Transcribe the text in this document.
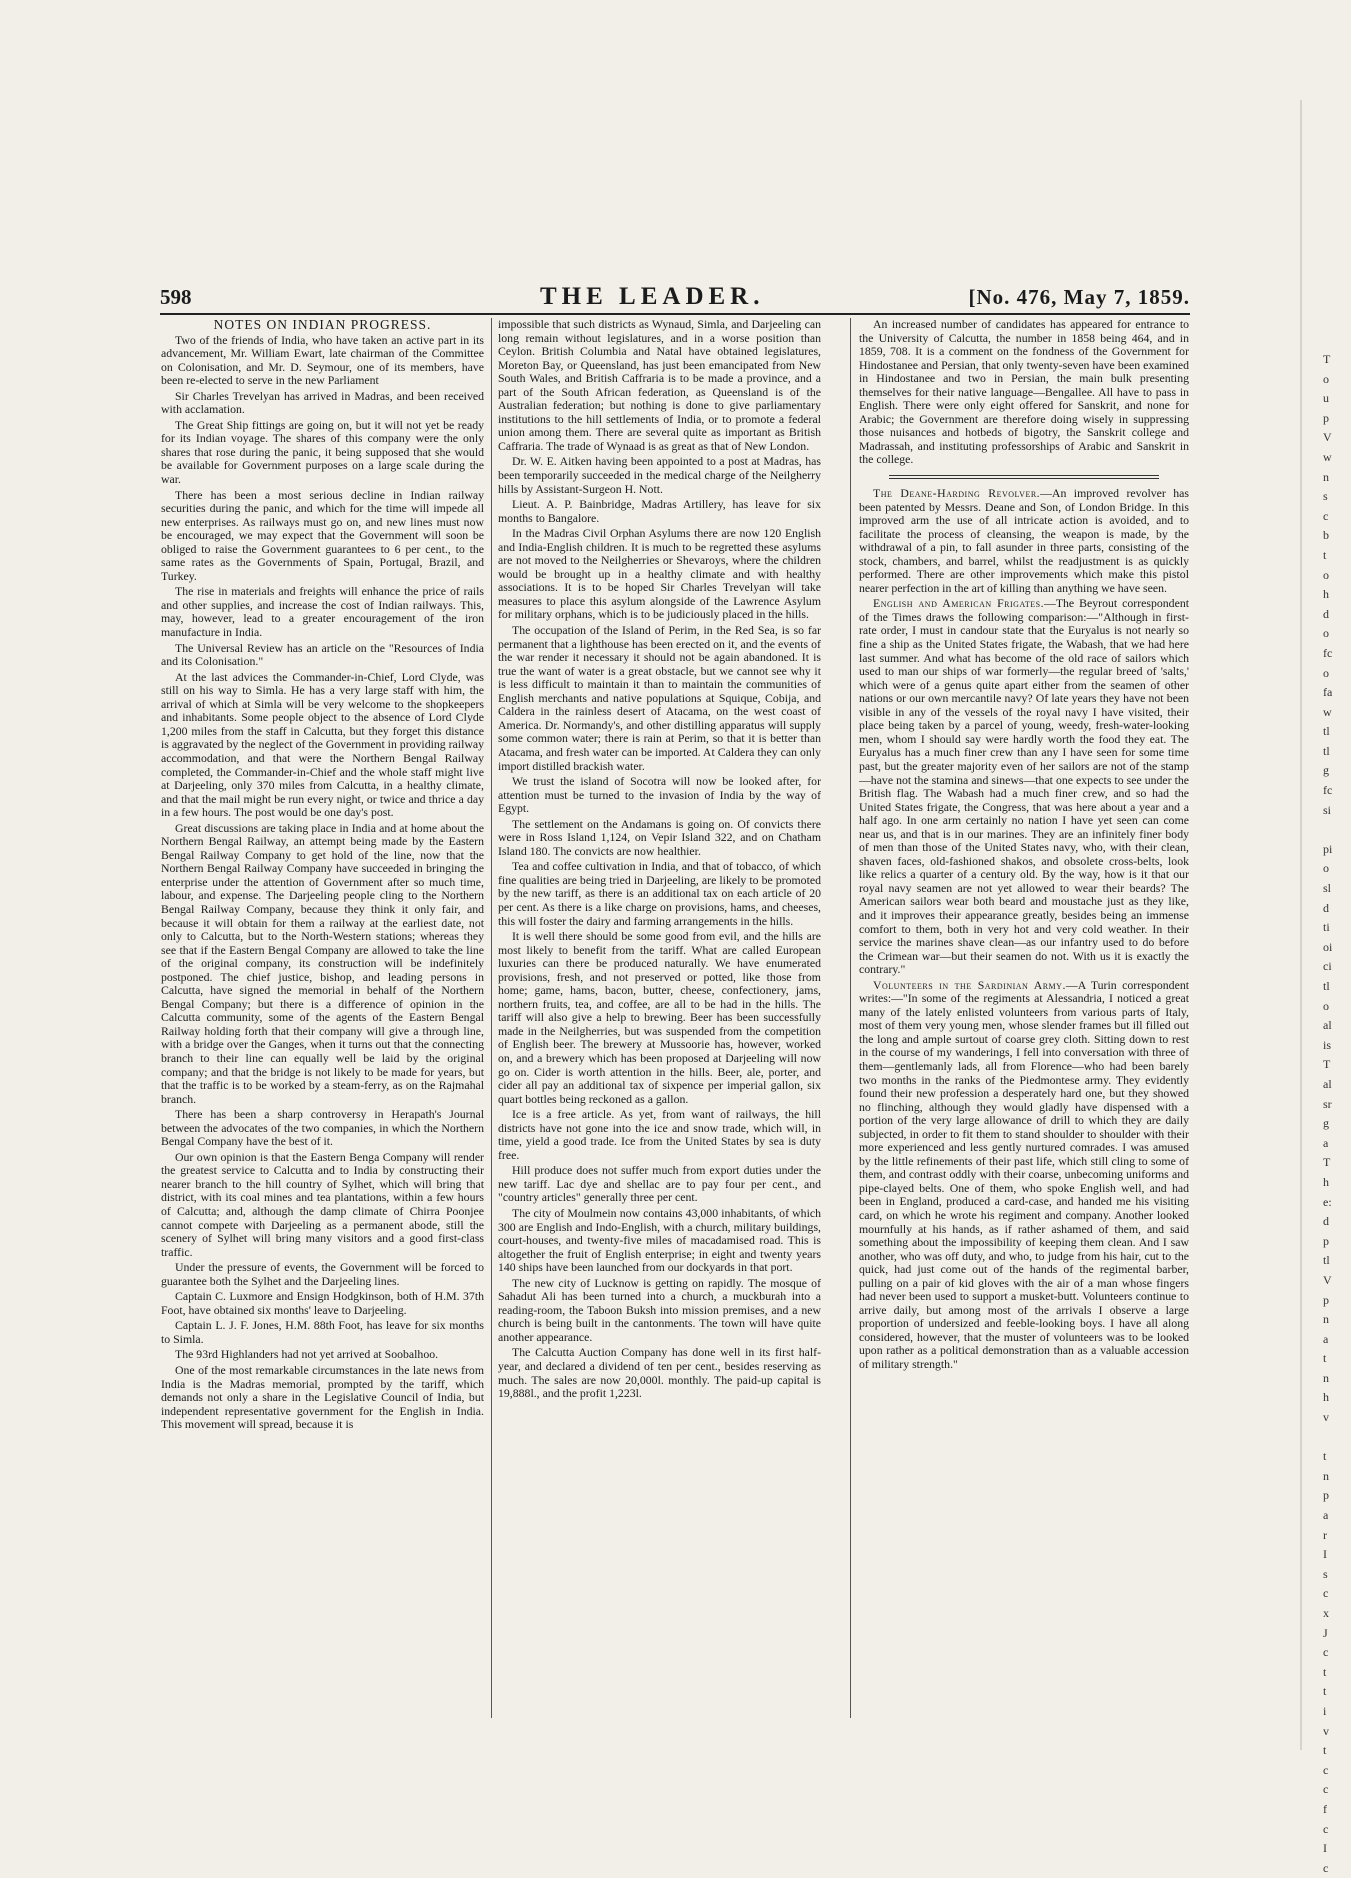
598	THE LEADER.	[No. 476, May 7, 1859.
NOTES ON INDIAN PROGRESS.

Two of the friends of India, who have taken an active part in its advancement, Mr. William Ewart, late chairman of the Committee on Colonisation, and Mr. D. Seymour, one of its members, have been re-elected to serve in the new Parliament

Sir Charles Trevelyan has arrived in Madras, and been received with acclamation.

The Great Ship fittings are going on, but it will not yet be ready for its Indian voyage. The shares of this company were the only shares that rose during the panic, it being supposed that she would be available for Government purposes on a large scale during the war.

There has been a most serious decline in Indian railway securities during the panic, and which for the time will impede all new enterprises. As railways must go on, and new lines must now be encouraged, we may expect that the Government will soon be obliged to raise the Government guarantees to 6 per cent., to the same rates as the Governments of Spain, Portugal, Brazil, and Turkey.

The rise in materials and freights will enhance the price of rails and other supplies, and increase the cost of Indian railways. This, may, however, lead to a greater encouragement of the iron manufacture in India.

The Universal Review has an article on the "Resources of India and its Colonisation."

At the last advices the Commander-in-Chief, Lord Clyde, was still on his way to Simla. He has a very large staff with him, the arrival of which at Simla will be very welcome to the shopkeepers and inhabitants. Some people object to the absence of Lord Clyde 1,200 miles from the staff in Calcutta, but they forget this distance is aggravated by the neglect of the Government in providing railway accommodation, and that were the Northern Bengal Railway completed, the Commander-in-Chief and the whole staff might live at Darjeeling, only 370 miles from Calcutta, in a healthy climate, and that the mail might be run every night, or twice and thrice a day in a few hours. The post would be one day's post.

Great discussions are taking place in India and at home about the Northern Bengal Railway, an attempt being made by the Eastern Bengal Railway Company to get hold of the line, now that the Northern Bengal Railway Company have succeeded in bringing the enterprise under the attention of Government after so much time, labour, and expense. The Darjeeling people cling to the Northern Bengal Railway Company, because they think it only fair, and because it will obtain for them a railway at the earliest date, not only to Calcutta, but to the North-Western stations; whereas they see that if the Eastern Bengal Company are allowed to take the line of the original company, its construction will be indefinitely postponed. The chief justice, bishop, and leading persons in Calcutta, have signed the memorial in behalf of the Northern Bengal Company; but there is a difference of opinion in the Calcutta community, some of the agents of the Eastern Bengal Railway holding forth that their company will give a through line, with a bridge over the Ganges, when it turns out that the connecting branch to their line can equally well be laid by the original company; and that the bridge is not likely to be made for years, but that the traffic is to be worked by a steam-ferry, as on the Rajmahal branch.

There has been a sharp controversy in Herapath's Journal between the advocates of the two companies, in which the Northern Bengal Company have the best of it.

Our own opinion is that the Eastern Benga Company will render the greatest service to Calcutta and to India by constructing their nearer branch to the hill country of Sylhet, which will bring that district, with its coal mines and tea plantations, within a few hours of Calcutta; and, although the damp climate of Chirra Poonjee cannot compete with Darjeeling as a permanent abode, still the scenery of Sylhet will bring many visitors and a good first-class traffic.

Under the pressure of events, the Government will be forced to guarantee both the Sylhet and the Darjeeling lines.

Captain C. Luxmore and Ensign Hodgkinson, both of H.M. 37th Foot, have obtained six months' leave to Darjeeling.

Captain L. J. F. Jones, H.M. 88th Foot, has leave for six months to Simla.

The 93rd Highlanders had not yet arrived at Soobalhoo.

One of the most remarkable circumstances in the late news from India is the Madras memorial, prompted by the tariff, which demands not only a share in the Legislative Council of India, but independent representative government for the English in India. This movement will spread, because it is

impossible that such districts as Wynaud, Simla, and Darjeeling can long remain without legislatures, and in a worse position than Ceylon. British Columbia and Natal have obtained legislatures, Moreton Bay, or Queensland, has just been emancipated from New South Wales, and British Caffraria is to be made a province, and a part of the South African federation, as Queensland is of the Australian federation; but nothing is done to give parliamentary institutions to the hill settlements of India, or to promote a federal union among them. There are several quite as important as British Caffraria. The trade of Wynaad is as great as that of New London.

Dr. W. E. Aitken having been appointed to a post at Madras, has been temporarily succeeded in the medical charge of the Neilgherry hills by Assistant-Surgeon H. Nott.

Lieut. A. P. Bainbridge, Madras Artillery, has leave for six months to Bangalore.

In the Madras Civil Orphan Asylums there are now 120 English and India-English children. It is much to be regretted these asylums are not moved to the Neilgherries or Shevaroys, where the children would be brought up in a healthy climate and with healthy associations. It is to be hoped Sir Charles Trevelyan will take measures to place this asylum alongside of the Lawrence Asylum for military orphans, which is to be judiciously placed in the hills.

The occupation of the Island of Perim, in the Red Sea, is so far permanent that a lighthouse has been erected on it, and the events of the war render it necessary it should not be again abandoned. It is true the want of water is a great obstacle, but we cannot see why it is less difficult to maintain it than to maintain the communities of English merchants and native populations at Squique, Cobija, and Caldera in the rainless desert of Atacama, on the west coast of America. Dr. Normandy's, and other distilling apparatus will supply some common water; there is rain at Perim, so that it is better than Atacama, and fresh water can be imported. At Caldera they can only import distilled brackish water.

We trust the island of Socotra will now be looked after, for attention must be turned to the invasion of India by the way of Egypt.

The settlement on the Andamans is going on. Of convicts there were in Ross Island 1,124, on Vepir Island 322, and on Chatham Island 180. The convicts are now healthier.

Tea and coffee cultivation in India, and that of tobacco, of which fine qualities are being tried in Darjeeling, are likely to be promoted by the new tariff, as there is an additional tax on each article of 20 per cent. As there is a like charge on provisions, hams, and cheeses, this will foster the dairy and farming arrangements in the hills.

It is well there should be some good from evil, and the hills are most likely to benefit from the tariff. What are called European luxuries can there be produced naturally. We have enumerated provisions, fresh, and not preserved or potted, like those from home; game, hams, bacon, butter, cheese, confectionery, jams, northern fruits, tea, and coffee, are all to be had in the hills. The tariff will also give a help to brewing. Beer has been successfully made in the Neilgherries, but was suspended from the competition of English beer. The brewery at Mussoorie has, however, worked on, and a brewery which has been proposed at Darjeeling will now go on. Cider is worth attention in the hills. Beer, ale, porter, and cider all pay an additional tax of sixpence per imperial gallon, six quart bottles being reckoned as a gallon.

Ice is a free article. As yet, from want of railways, the hill districts have not gone into the ice and snow trade, which will, in time, yield a good trade. Ice from the United States by sea is duty free.

Hill produce does not suffer much from export duties under the new tariff. Lac dye and shellac are to pay four per cent., and "country articles" generally three per cent.

The city of Moulmein now contains 43,000 inhabitants, of which 300 are English and Indo-English, with a church, military buildings, court-houses, and twenty-five miles of macadamised road. This is altogether the fruit of English enterprise; in eight and twenty years 140 ships have been launched from our dockyards in that port.

The new city of Lucknow is getting on rapidly. The mosque of Sahadut Ali has been turned into a church, a muckburah into a reading-room, the Taboon Buksh into mission premises, and a new church is being built in the cantonments. The town will have quite another appearance.

The Calcutta Auction Company has done well in its first half-year, and declared a dividend of ten per cent., besides reserving as much. The sales are now 20,000l. monthly. The paid-up capital is 19,888l., and the profit 1,223l.

An increased number of candidates has appeared for entrance to the University of Calcutta, the number in 1858 being 464, and in 1859, 708. It is a comment on the fondness of the Government for Hindostanee and Persian, that only twenty-seven have been examined in Hindostanee and two in Persian, the main bulk presenting themselves for their native language—Bengallee. All have to pass in English. There were only eight offered for Sanskrit, and none for Arabic; the Government are therefore doing wisely in suppressing those nuisances and hotbeds of bigotry, the Sanskrit college and Madrassah, and instituting professorships of Arabic and Sanskrit in the college.

The Deane-Harding Revolver.—An improved revolver has been patented by Messrs. Deane and Son, of London Bridge. In this improved arm the use of all intricate action is avoided, and to facilitate the process of cleansing, the weapon is made, by the withdrawal of a pin, to fall asunder in three parts, consisting of the stock, chambers, and barrel, whilst the readjustment is as quickly performed. There are other improvements which make this pistol nearer perfection in the art of killing than anything we have seen.

English and American Frigates.—The Beyrout correspondent of the Times draws the following comparison:—"Although in first-rate order, I must in candour state that the Euryalus is not nearly so fine a ship as the United States frigate, the Wabash, that we had here last summer. And what has become of the old race of sailors which used to man our ships of war formerly—the regular breed of 'salts,' which were of a genus quite apart either from the seamen of other nations or our own mercantile navy? Of late years they have not been visible in any of the vessels of the royal navy I have visited, their place being taken by a parcel of young, weedy, fresh-water-looking men, whom I should say were hardly worth the food they eat. The Euryalus has a much finer crew than any I have seen for some time past, but the greater majority even of her sailors are not of the stamp—have not the stamina and sinews—that one expects to see under the British flag. The Wabash had a much finer crew, and so had the United States frigate, the Congress, that was here about a year and a half ago. In one arm certainly no nation I have yet seen can come near us, and that is in our marines. They are an infinitely finer body of men than those of the United States navy, who, with their clean, shaven faces, old-fashioned shakos, and obsolete cross-belts, look like relics a quarter of a century old. By the way, how is it that our royal navy seamen are not yet allowed to wear their beards? The American sailors wear both beard and moustache just as they like, and it improves their appearance greatly, besides being an immense comfort to them, both in very hot and very cold weather. In their service the marines shave clean—as our infantry used to do before the Crimean war—but their seamen do not. With us it is exactly the contrary."

Volunteers in the Sardinian Army.—A Turin correspondent writes:—"In some of the regiments at Alessandria, I noticed a great many of the lately enlisted volunteers from various parts of Italy, most of them very young men, whose slender frames but ill filled out the long and ample surtout of coarse grey cloth. Sitting down to rest in the course of my wanderings, I fell into conversation with three of them—gentlemanly lads, all from Florence—who had been barely two months in the ranks of the Piedmontese army. They evidently found their new profession a desperately hard one, but they showed no flinching, although they would gladly have dispensed with a portion of the very large allowance of drill to which they are daily subjected, in order to fit them to stand shoulder to shoulder with their more experienced and less gently nurtured comrades. I was amused by the little refinements of their past life, which still cling to some of them, and contrast oddly with their coarse, unbecoming uniforms and pipe-clayed belts. One of them, who spoke English well, and had been in England, produced a card-case, and handed me his visiting card, on which he wrote his regiment and company. Another looked mournfully at his hands, as if rather ashamed of them, and said something about the impossibility of keeping them clean. And I saw another, who was off duty, and who, to judge from his hair, cut to the quick, had just come out of the hands of the regimental barber, pulling on a pair of kid gloves with the air of a man whose fingers had never been used to support a musket-butt. Volunteers continue to arrive daily, but among most of the arrivals I observe a large proportion of undersized and feeble-looking boys. I have all along considered, however, that the muster of volunteers was to be looked upon rather as a political demonstration than as a valuable accession of military strength."

T
o
u
p
V
w
n
s
c
b
t
o
h
d
o
fc
o
fa
w
tl
tl
g
fc
si

pi
o
sl
d
ti
oi
ci
tl
o
al
is
T
al
sr
g
a
T
h
e:
d
p
tl
V
p
n
a
t
n
h
v

t
n
p
a
r
I
s
c
x
J
c
t
t
i
v
t
c
c
f
c
I
c
